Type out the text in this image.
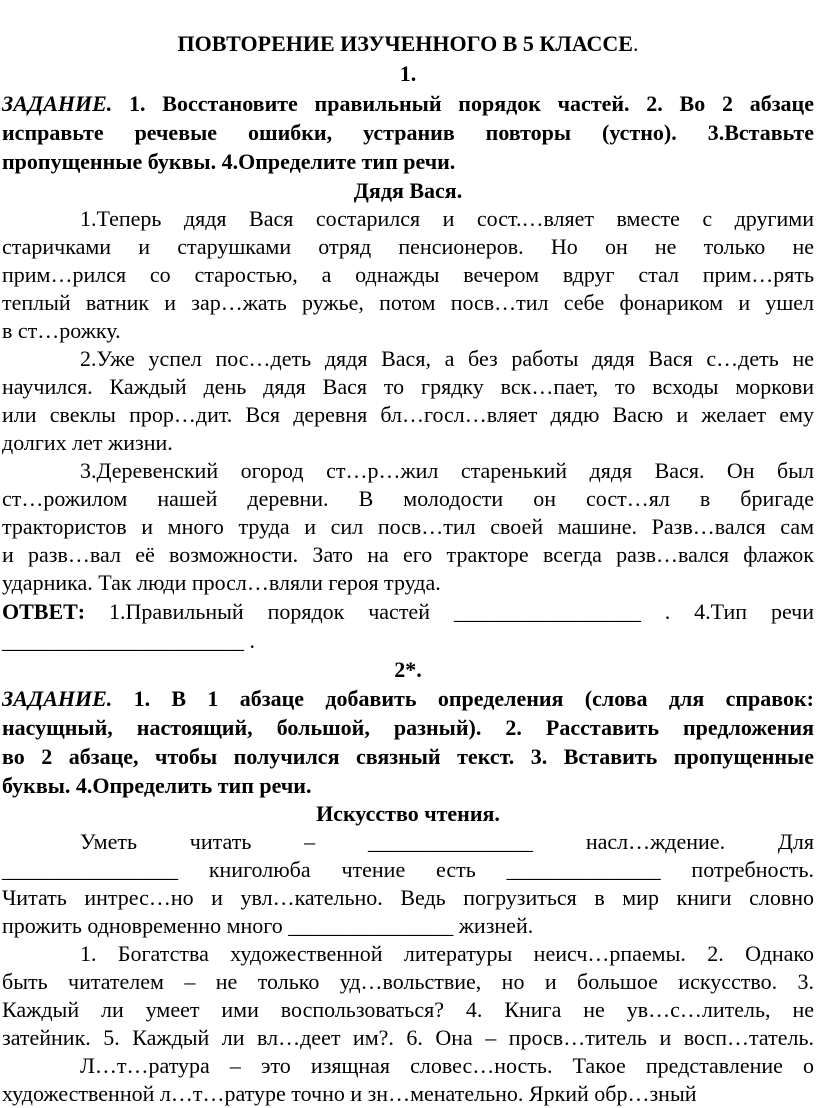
ПОВТОРЕНИЕ ИЗУЧЕННОГО В 5 КЛАССЕ.
1.
ЗАДАНИЕ. 1. Восстановите правильный порядок частей. 2. Во 2 абзаце
исправьте речевые ошибки, устранив повторы (устно). 3.Вставьте
пропущенные буквы. 4.Определите тип речи.
Дядя Вася.
1.Теперь дядя Вася состарился и сост.…вляет вместе с другими
старичками и старушками отряд пенсионеров. Но он не только не
прим…рился со старостью, а однажды вечером вдруг стал прим…рять
теплый ватник и зар…жать ружье, потом посв…тил себе фонариком и ушел
в ст…рожку.
2.Уже успел пос…деть дядя Вася, а без работы дядя Вася с…деть не
научился. Каждый день дядя Вася то грядку вск…пает, то всходы моркови
или свеклы прор…дит. Вся деревня бл…госл…вляет дядю Васю и желает ему
долгих лет жизни.
3.Деревенский огород ст…р…жил старенький дядя Вася. Он был
ст…рожилом нашей деревни. В молодости он сост…ял в бригаде
трактористов и много труда и сил посв…тил своей машине. Разв…вался сам
и разв…вал её возможности. Зато на его тракторе всегда разв…вался флажок
ударника. Так люди просл…вляли героя труда.
ОТВЕТ: 1.Правильный порядок частей _________________ . 4.Тип речи
______________________ .
2*.
ЗАДАНИЕ. 1. В 1 абзаце добавить определения (слова для справок:
насущный, настоящий, большой, разный). 2. Расставить предложения
во 2 абзаце, чтобы получился связный текст. 3. Вставить пропущенные
буквы. 4.Определить тип речи.
Искусство чтения.
Уметь читать – _______________ насл…ждение. Для
________________ книголюба чтение есть ______________ потребность.
Читать интрес…но и увл…кательно. Ведь погрузиться в мир книги словно
прожить одновременно много _______________ жизней.
1. Богатства художественной литературы неисч…рпаемы. 2. Однако
быть читателем – не только уд…вольствие, но и большое искусство. 3.
Каждый ли умеет ими воспользоваться? 4. Книга не ув…с…литель, не
затейник. 5. Каждый ли вл…деет им?. 6. Она – просв…титель и восп…татель.
Л…т…ратура – это изящная словес…ность. Такое представление о
художественной л…т…ратуре точно и зн…менательно. Яркий обр…зный
